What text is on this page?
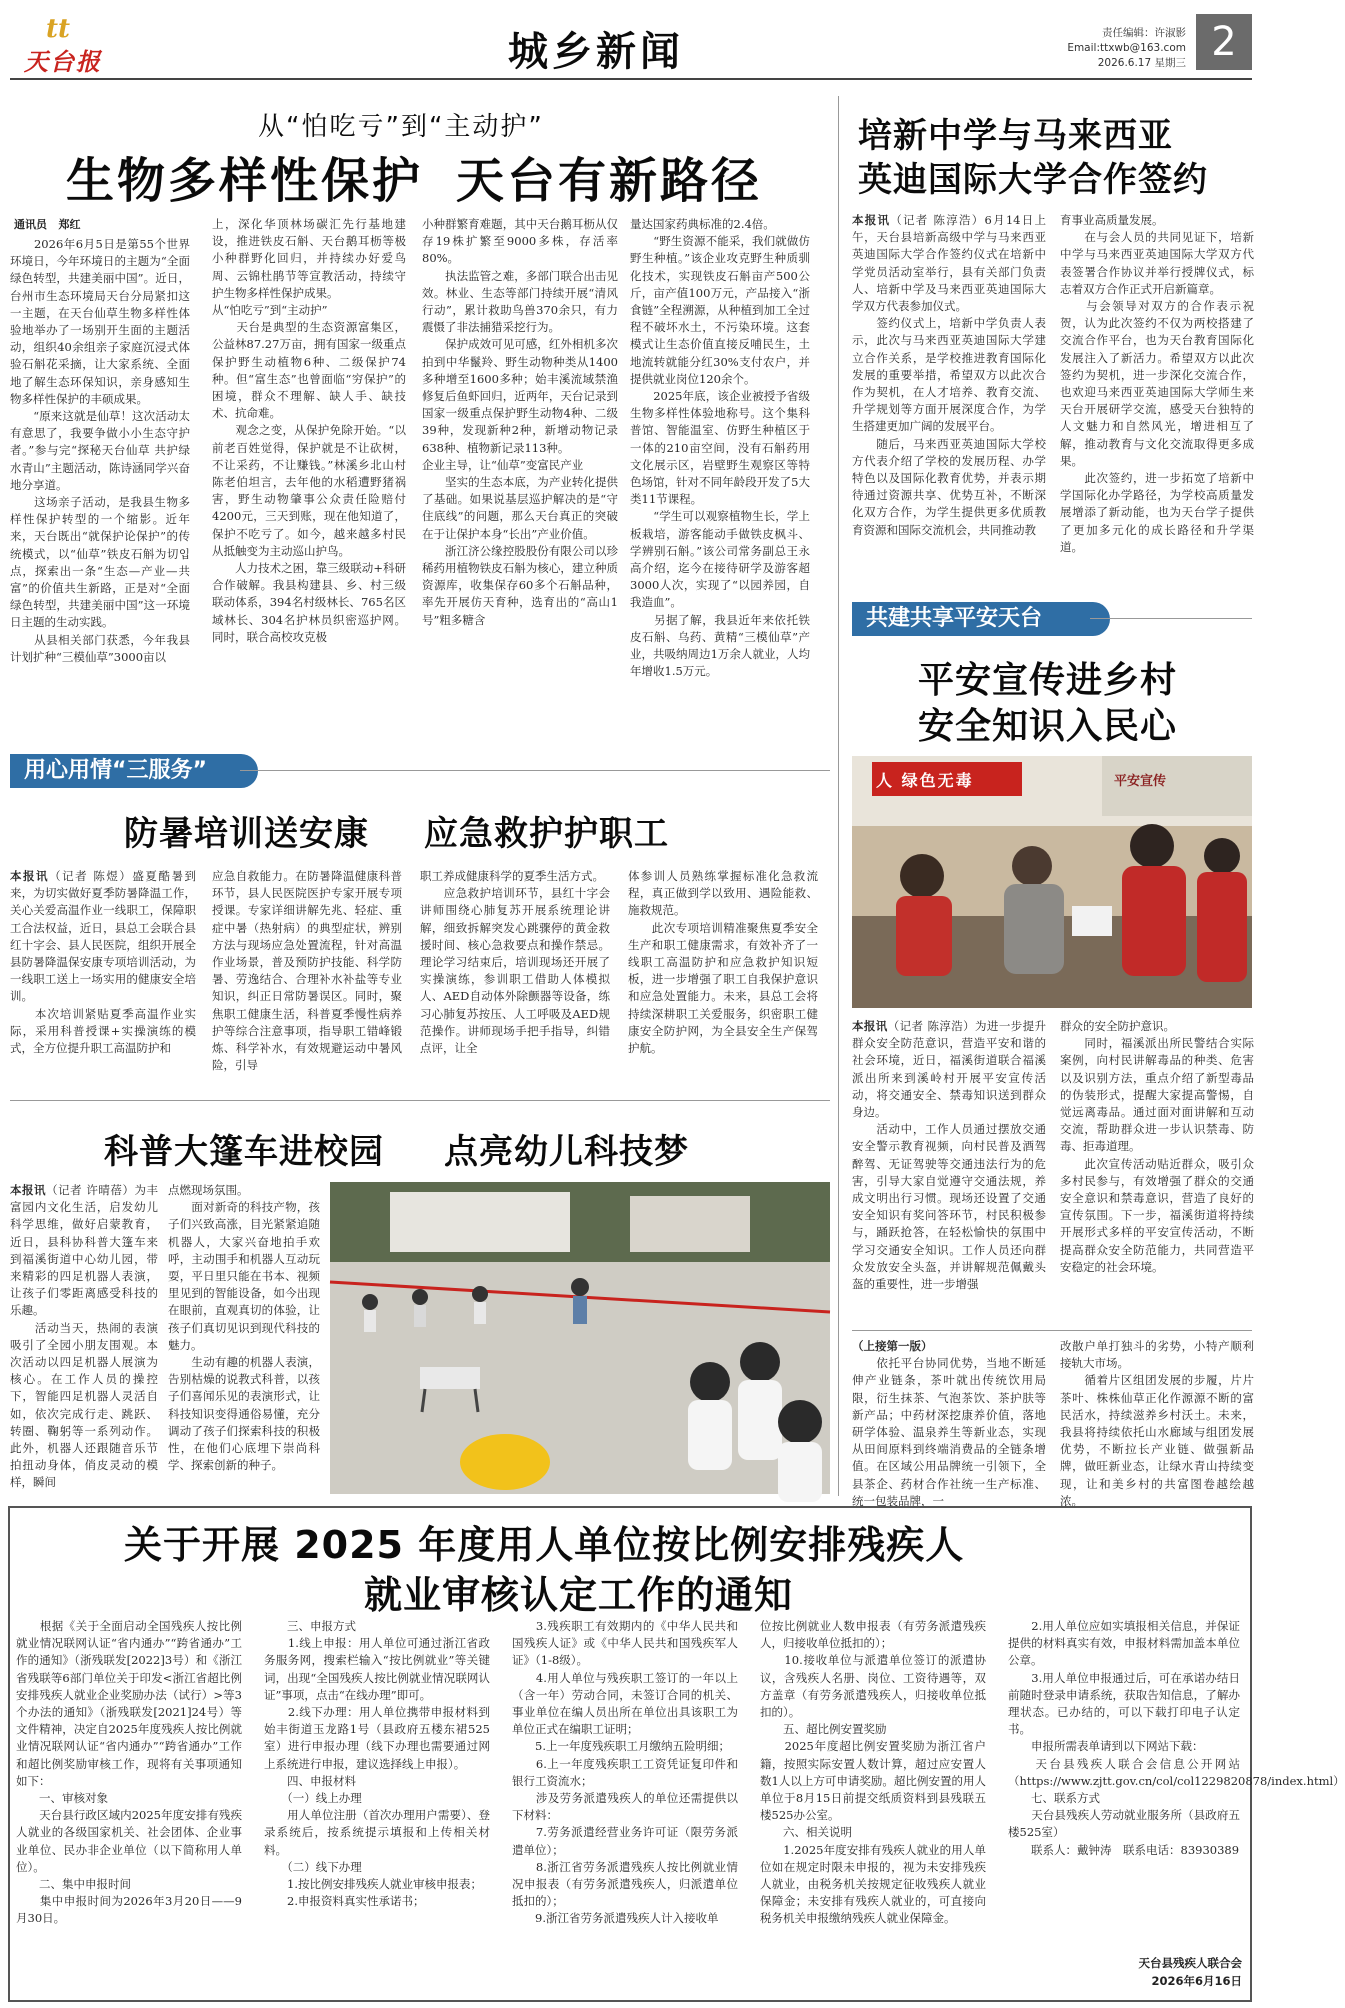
tt
天台报	城乡新闻	责任编辑：许淑影
Email:ttxwb@163.com
2026.6.17 星期三 2
从“怕吃亏”到“主动护”
生物多样性保护 天台有新路径
通讯员 郑红
　　2026年6月5日是第55个世界环境日，今年环境日的主题为“全面绿色转型，共建美丽中国”。近日，台州市生态环境局天台分局紧扣这一主题，在天台仙草生物多样性体验地举办了一场别开生面的主题活动，组织40余组亲子家庭沉浸式体验石斛花采摘，让大家系统、全面地了解生态环保知识，亲身感知生物多样性保护的丰硕成果。
　　“原来这就是仙草！这次活动太有意思了，我要争做小小生态守护者。”参与完“探秘天台仙草 共护绿水青山”主题活动，陈诗涵同学兴奋地分享道。
　　这场亲子活动，是我县生物多样性保护转型的一个缩影。近年来，天台既出“就保护论保护”的传统模式，以“仙草”铁皮石斛为切입点，探索出一条“生态—产业—共富”的价值共生新路，正是对“全面绿色转型，共建美丽中国”这一环境日主题的生动实践。
　　从县相关部门获悉，今年我县计划扩种“三模仙草”3000亩以
上，深化华顶林场碳汇先行基地建设，推进铁皮石斛、天台鹅耳枥等极小种群野化回归，并持续办好爱鸟周、云锦杜鹃节等宣教活动，持续守护生物多样性保护成果。
从“怕吃亏”到“主动护”
　　天台是典型的生态资源富集区，公益林87.27万亩，拥有国家一级重点保护野生动植物6种、二级保护74种。但“富生态”也曾面临“穷保护”的困境，群众不理解、缺人手、缺技术、抗命难。
　　观念之变，从保护免除开始。“以前老百姓觉得，保护就是不让砍树，不让采药，不让赚钱。”林溪乡北山村陈老伯坦言，去年他的水稻遭野猪祸害，野生动物肇事公众责任险赔付4200元，三天到账，现在他知道了，保护不吃亏了。如今，越来越多村民从抵触变为主动巡山护鸟。
　　人力技术之困，靠三级联动+科研合作破解。我县构建县、乡、村三级联动体系，394名村级林长、765名区域林长、304名护林员织密巡护网。同时，联合高校攻克极
小种群繁育难题，其中天台鹅耳枥从仅存19株扩繁至9000多株，存活率80%。
　　执法监管之难，多部门联合出击见效。林业、生态等部门持续开展“清风行动”，累计救助鸟兽370余只，有力震慑了非法捕猎采挖行为。
　　保护成效可见可感，红外相机多次拍到中华鬣羚、野生动物种类从1400多种增至1600多种；始丰溪流域禁渔修复后鱼虾回归，近两年，天台记录到国家一级重点保护野生动物4种、二级39种，发现新种2种，新增动物记录638种、植物新记录113种。
企业主导，让“仙草”变富民产业
　　坚实的生态本底，为产业转化提供了基础。如果说基层巡护解决的是“守住底线”的问题，那么天台真正的突破在于让保护本身“长出”产业价值。
　　浙江济公缘控股股份有限公司以珍稀药用植物铁皮石斛为核心，建立种质资源库，收集保存60多个石斛品种，率先开展仿天育种，选育出的“高山1号”粗多糖含
量达国家药典标准的2.4倍。
　　“野生资源不能采，我们就做仿野生种植。”该企业攻克野生种质驯化技术，实现铁皮石斛亩产500公斤，亩产值100万元，产品接入“浙食链”全程溯源，从种植到加工全过程不破坏水土，不污染环境。这套模式让生态价值直接反哺民生，土地流转就能分红30%支付农户，并提供就业岗位120余个。
　　2025年底，该企业被授予省级生物多样性体验地称号。这个集科普馆、智能温室、仿野生种植区于一体的210亩空间，没有石斛药用文化展示区，岩壁野生观察区等特色场馆，针对不同年龄段开发了5大类11节课程。
　　“学生可以观察植物生长，学上板栽培，游客能动手做铁皮枫斗、学辨别石斛。”该公司常务副总王永高介绍，迄今在接待研学及游客超3000人次，实现了“以园养园，自我造血”。
　　另据了解，我县近年来依托铁皮石斛、乌药、黄精“三模仙草”产业，共吸纳周边1万余人就业，人均年增收1.5万元。
培新中学与马来西亚
英迪国际大学合作签约
本报讯（记者 陈淳浩）6月14日上午，天台县培新高级中学与马来西亚英迪国际大学合作签约仪式在培新中学党员活动室举行，县有关部门负责人、培新中学及马来西亚英迪国际大学双方代表参加仪式。
　　签约仪式上，培新中学负责人表示，此次与马来西亚英迪国际大学建立合作关系，是学校推进教育国际化发展的重要举措，希望双方以此次合作为契机，在人才培养、教育交流、升学规划等方面开展深度合作，为学生搭建更加广阔的发展平台。
　　随后，马来西亚英迪国际大学校方代表介绍了学校的发展历程、办学特色以及国际化教育优势，并表示期待通过资源共享、优势互补，不断深化双方合作，为学生提供更多优质教育资源和国际交流机会，共同推动教
育事业高质量发展。
　　在与会人员的共同见证下，培新中学与马来西亚英迪国际大学双方代表签署合作协议并举行授牌仪式，标志着双方合作正式开启新篇章。
　　与会领导对双方的合作表示祝贺，认为此次签约不仅为两校搭建了交流合作平台，也为天台教育国际化发展注入了新活力。希望双方以此次签约为契机，进一步深化交流合作，也欢迎马来西亚英迪国际大学师生来天台开展研学交流，感受天台独特的人文魅力和自然风光，增进相互了解，推动教育与文化交流取得更多成果。
　　此次签约，进一步拓宽了培新中学国际化办学路径，为学校高质量发展增添了新动能，也为天台学子提供了更加多元化的成长路径和升学渠道。
共建共享平安天台
平安宣传进乡村
安全知识入民心
人 绿色无毒	平安宣传
本报讯（记者 陈淳浩）为进一步提升群众安全防范意识，营造平安和谐的社会环境，近日，福溪街道联合福溪派出所来到溪岭村开展平安宣传活动，将交通安全、禁毒知识送到群众身边。
　　活动中，工作人员通过摆放交通安全警示教育视频，向村民普及酒驾醉驾、无证驾驶等交通违法行为的危害，引导大家自觉遵守交通法规，养成文明出行习惯。现场还设置了交通安全知识有奖问答环节，村民积极参与，踊跃抢答，在轻松愉快的氛围中学习交通安全知识。工作人员还向群众发放安全头盔，并讲解规范佩戴头盔的重要性，进一步增强
群众的安全防护意识。
　　同时，福溪派出所民警结合实际案例，向村民讲解毒品的种类、危害以及识别方法，重点介绍了新型毒品的伪装形式，提醒大家提高警惕，自觉远离毒品。通过面对面讲解和互动交流，帮助群众进一步认识禁毒、防毒、拒毒道理。
　　此次宣传活动贴近群众，吸引众多村民参与，有效增强了群众的交通安全意识和禁毒意识，营造了良好的宣传氛围。下一步，福溪街道将持续开展形式多样的平安宣传活动，不断提高群众安全防范能力，共同营造平安稳定的社会环境。
（上接第一版）
　　依托平台协同优势，当地不断延伸产业链条，茶叶就出传统饮用局限，衍生抹茶、气泡茶饮、茶护肤等新产品；中药材深挖康养价值，落地研学体验、温泉养生等新业态，实现从田间原料到终端消费品的全链条增值。在区域公用品牌统一引领下，全县茶企、药材合作社统一生产标准、统一包装品牌，一
改散户单打独斗的劣势，小特产顺利接轨大市场。
　　循着片区组团发展的步履，片片茶叶、株株仙草正化作源源不断的富民活水，持续滋养乡村沃土。未来，我县将持续依托山水廊域与组团发展优势，不断拉长产业链、做强新品牌，做旺新业态，让绿水青山持续变现，让和美乡村的共富图卷越绘越浓。
用心用情“三服务”
防暑培训送安康 应急救护护职工
本报讯（记者 陈煜）盛夏酷暑到来，为切实做好夏季防暑降温工作，关心关爱高温作业一线职工，保障职工合法权益，近日，县总工会联合县红十字会、县人民医院，组织开展全县防暑降温保安康专项培训活动，为一线职工送上一场实用的健康安全培训。
　　本次培训紧贴夏季高温作业实际，采用科普授课+实操演练的模式，全方位提升职工高温防护和
应急自救能力。在防暑降温健康科普环节，县人民医院医护专家开展专项授课。专家详细讲解先兆、轻症、重症中暑（热射病）的典型症状，辨别方法与现场应急处置流程，针对高温作业场景，普及预防护技能、科学防暑、劳逸结合、合理补水补盐等专业知识，纠正日常防暑误区。同时，聚焦职工健康生活，科普夏季慢性病养护等综合注意事项，指导职工错峰锻炼、科学补水，有效规避运动中暑风险，引导
职工养成健康科学的夏季生活方式。
　　应急救护培训环节，县红十字会讲师围绕心肺复苏开展系统理论讲解，细致拆解突发心跳骤停的黄金救援时间、核心急救要点和操作禁忌。理论学习结束后，培训现场还开展了实操演练，参训职工借助人体模拟人、AED自动体外除颤器等设备，练习心肺复苏按压、人工呼吸及AED规范操作。讲师现场手把手指导，纠错点评，让全
体参训人员熟练掌握标准化急救流程，真正做到学以致用、遇险能救、施救规范。
　　此次专项培训精准聚焦夏季安全生产和职工健康需求，有效补齐了一线职工高温防护和应急救护知识短板，进一步增强了职工自我保护意识和应急处置能力。未来，县总工会将持续深耕职工关爱服务，织密职工健康安全防护网，为全县安全生产保驾护航。
科普大篷车进校园 点亮幼儿科技梦
本报讯（记者 许晴蓓）为丰富园内文化生活，启发幼儿科学思维，做好启蒙教育，近日，县科协科普大篷车来到福溪街道中心幼儿园，带来精彩的四足机器人表演，让孩子们零距离感受科技的乐趣。
　　活动当天，热闹的表演吸引了全园小朋友围观。本次活动以四足机器人展演为核心。在工作人员的操控下，智能四足机器人灵活自如，依次完成行走、跳跃、转圈、鞠躬等一系列动作。此外，机器人还跟随音乐节拍扭动身体，俏皮灵动的模样，瞬间
点燃现场氛围。
　　面对新奇的科技产物，孩子们兴致高涨，目光紧紧追随机器人，大家兴奋地拍手欢呼，主动围手和机器人互动玩耍，平日里只能在书本、视频里见到的智能设备，如今出现在眼前，直观真切的体验，让孩子们真切见识到现代科技的魅力。
　　生动有趣的机器人表演，告别枯燥的说教式科普，以孩子们喜闻乐见的表演形式，让科技知识变得通俗易懂，充分调动了孩子们探索科技的积极性，在他们心底埋下崇尚科学、探索创新的种子。
关于开展 2025 年度用人单位按比例安排残疾人
就业审核认定工作的通知
　　根据《关于全面启动全国残疾人按比例就业情况联网认证“省内通办”“跨省通办”工作的通知》（浙残联发[2022]3号）和《浙江省残联等6部门单位关于印发<浙江省超比例安排残疾人就业企业奖励办法（试行）>等3个办法的通知》（浙残联发[2021]24号）等文件精神，决定自2025年度残疾人按比例就业情况联网认证“省内通办”“跨省通办”工作和超比例奖励审核工作，现将有关事项通知如下：
　　一、审核对象
　　天台县行政区域内2025年度安排有残疾人就业的各级国家机关、社会团体、企业事业单位、民办非企业单位（以下简称用人单位）。
　　二、集中申报时间
　　集中申报时间为2026年3月20日——9月30日。
　　三、申报方式
　　1.线上申报：用人单位可通过浙江省政务服务网，搜索栏输入“按比例就业”等关键词，出现“全国残疾人按比例就业情况联网认证”事项，点击“在线办理”即可。
　　2.线下办理：用人单位携带申报材料到始丰街道玉龙路1号（县政府五楼东裙525室）进行申报办理（线下办理也需要通过网上系统进行申报，建议选择线上申报）。
　　四、申报材料
　　（一）线上办理
　　用人单位注册（首次办理用户需要）、登录系统后，按系统提示填报和上传相关材料。
　　（二）线下办理
　　1.按比例安排残疾人就业审核申报表；
　　2.申报资料真实性承诺书；
　　3.残疾职工有效期内的《中华人民共和国残疾人证》或《中华人民共和国残疾军人证》（1-8级）。
　　4.用人单位与残疾职工签订的一年以上（含一年）劳动合同，未签订合同的机关、事业单位在编人员出所在单位出具该职工为单位正式在编职工证明；
　　5.上一年度残疾职工月缴纳五险明细；
　　6.上一年度残疾职工工资凭证复印件和银行工资流水；
　　涉及劳务派遣残疾人的单位还需提供以下材料：
　　7.劳务派遣经营业务许可证（限劳务派遣单位）；
　　8.浙江省劳务派遣残疾人按比例就业情况申报表（有劳务派遣残疾人，归派遣单位抵扣的）；
　　9.浙江省劳务派遣残疾人计入接收单
位按比例就业人数申报表（有劳务派遣残疾人，归接收单位抵扣的）；
　　10.接收单位与派遣单位签订的派遣协议，含残疾人名册、岗位、工资待遇等，双方盖章（有劳务派遣残疾人，归接收单位抵扣的）。
　　五、超比例安置奖励
　　2025年度超比例安置奖励为浙江省户籍，按照实际安置人数计算，超过应安置人数1人以上方可申请奖励。超比例安置的用人单位于8月15日前提交纸质资料到县残联五楼525办公室。
　　六、相关说明
　　1.2025年度安排有残疾人就业的用人单位如在规定时限未申报的，视为未安排残疾人就业，由税务机关按规定征收残疾人就业保障金；未安排有残疾人就业的，可直接向税务机关申报缴纳残疾人就业保障金。
　　2.用人单位应如实填报相关信息，并保证提供的材料真实有效，申报材料需加盖本单位公章。
　　3.用人单位申报通过后，可在承诺办结日前随时登录申请系统，获取告知信息，了解办理状态。已办结的，可以下载打印电子认定书。
　　申报所需表单请到以下网站下载：
　　天台县残疾人联合会信息公开网站（https://www.zjtt.gov.cn/col/col1229820878/index.html）
　　七、联系方式
　　天台县残疾人劳动就业服务所（县政府五楼525室）
　　联系人：戴钟涛　联系电话：83930389
天台县残疾人联合会
2026年6月16日
